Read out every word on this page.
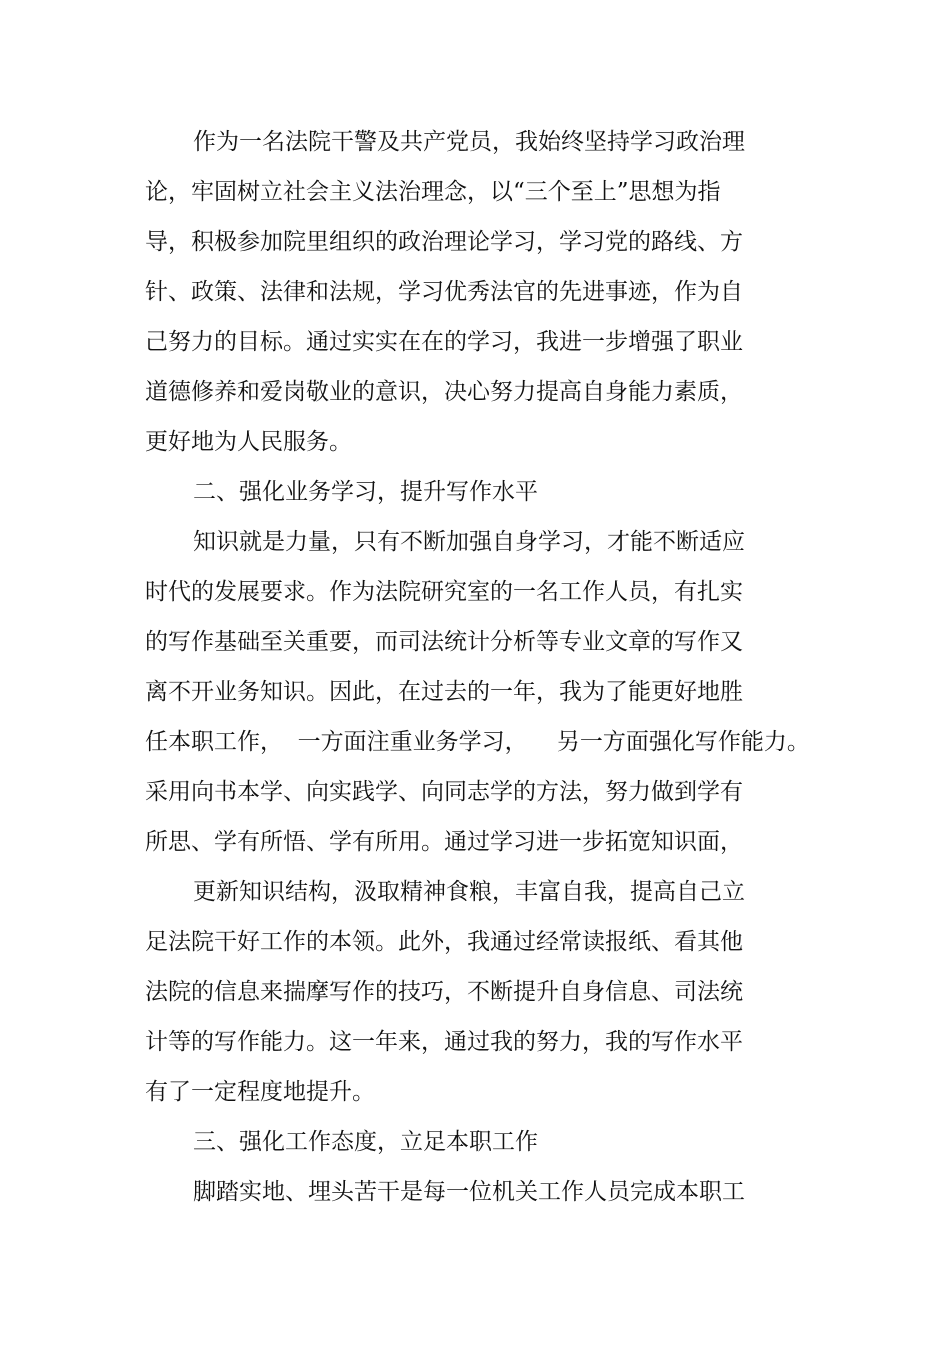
作为一名法院干警及共产党员，我始终坚持学习政治理
论，牢固树立社会主义法治理念，以“三个至上”思想为指
导，积极参加院里组织的政治理论学习，学习党的路线、方
针、政策、法律和法规，学习优秀法官的先进事迹，作为自
己努力的目标。通过实实在在的学习，我进一步增强了职业
道德修养和爱岗敬业的意识，决心努力提高自身能力素质，
更好地为人民服务。
二、强化业务学习，提升写作水平
知识就是力量，只有不断加强自身学习，才能不断适应
时代的发展要求。作为法院研究室的一名工作人员，有扎实
的写作基础至关重要，而司法统计分析等专业文章的写作又
离不开业务知识。因此，在过去的一年，我为了能更好地胜
任本职工作，  一方面注重业务学习，    另一方面强化写作能力。
采用向书本学、向实践学、向同志学的方法，努力做到学有
所思、学有所悟、学有所用。通过学习进一步拓宽知识面，
更新知识结构，汲取精神食粮，丰富自我，提高自己立
足法院干好工作的本领。此外，我通过经常读报纸、看其他
法院的信息来揣摩写作的技巧，不断提升自身信息、司法统
计等的写作能力。这一年来，通过我的努力，我的写作水平
有了一定程度地提升。
三、强化工作态度，立足本职工作
脚踏实地、埋头苦干是每一位机关工作人员完成本职工
